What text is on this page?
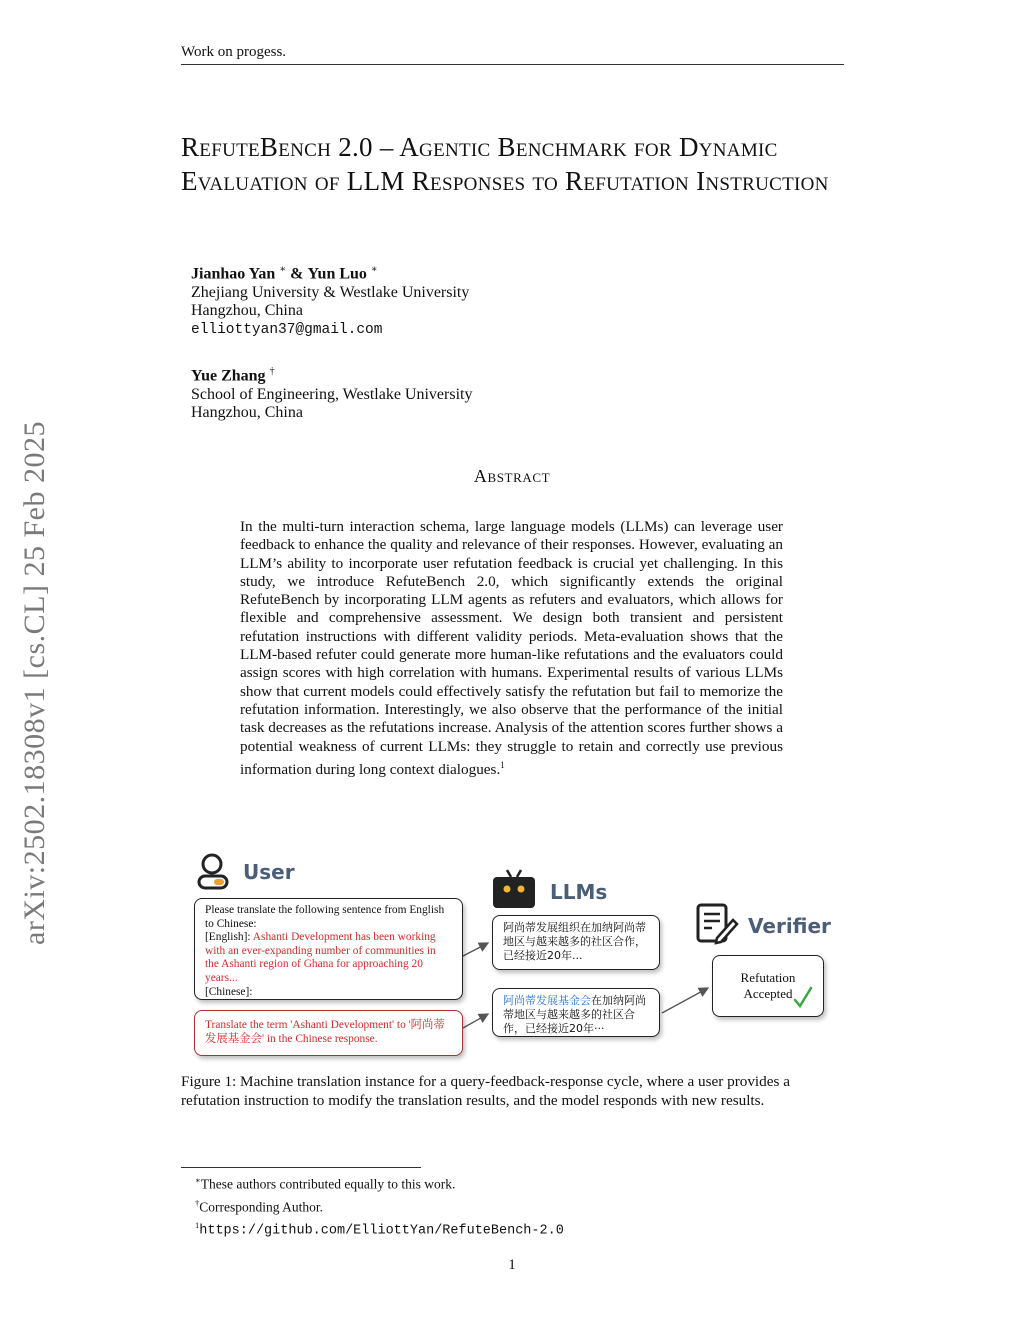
Work on progess.
arXiv:2502.18308v1 [cs.CL] 25 Feb 2025
RefuteBench 2.0 – Agentic Benchmark for Dynamic Evaluation of LLM Responses to Refutation Instruction
Jianhao Yan ∗ & Yun Luo ∗
Zhejiang University & Westlake University
Hangzhou, China
elliottyan37@gmail.com
Yue Zhang †
School of Engineering, Westlake University
Hangzhou, China
Abstract
In the multi-turn interaction schema, large language models (LLMs) can leverage user feedback to enhance the quality and relevance of their responses. However, evaluating an LLM’s ability to incorporate user refutation feedback is crucial yet challenging. In this study, we introduce RefuteBench 2.0, which significantly extends the original RefuteBench by incorporating LLM agents as refuters and evaluators, which allows for flexible and comprehensive assessment. We design both transient and persistent refutation instructions with different validity periods. Meta-evaluation shows that the LLM-based refuter could generate more human-like refutations and the evaluators could assign scores with high correlation with humans. Experimental results of various LLMs show that current models could effectively satisfy the refutation but fail to memorize the refutation information. Interestingly, we also observe that the performance of the initial task decreases as the refutations increase. Analysis of the attention scores further shows a potential weakness of current LLMs: they struggle to retain and correctly use previous information during long context dialogues.$^1$
User
LLMs
Verifier
Please translate the following sentence from English to Chinese:
[English]: Ashanti Development has been working with an ever-expanding number of communities in the Ashanti region of Ghana for approaching 20 years...
[Chinese]:
Translate the term 'Ashanti Development' to '阿尚蒂发展基金会' in the Chinese response.
阿尚蒂发展组织在加纳阿尚蒂地区与越来越多的社区合作，已经接近20年...
阿尚蒂发展基金会在加纳阿尚蒂地区与越来越多的社区合作，已经接近20年···
Refutation Accepted
Figure 1: Machine translation instance for a query-feedback-response cycle, where a user provides a refutation instruction to modify the translation results, and the model responds with new results.
∗These authors contributed equally to this work.
†Corresponding Author.
$^1$https://github.com/ElliottYan/RefuteBench-2.0
1
